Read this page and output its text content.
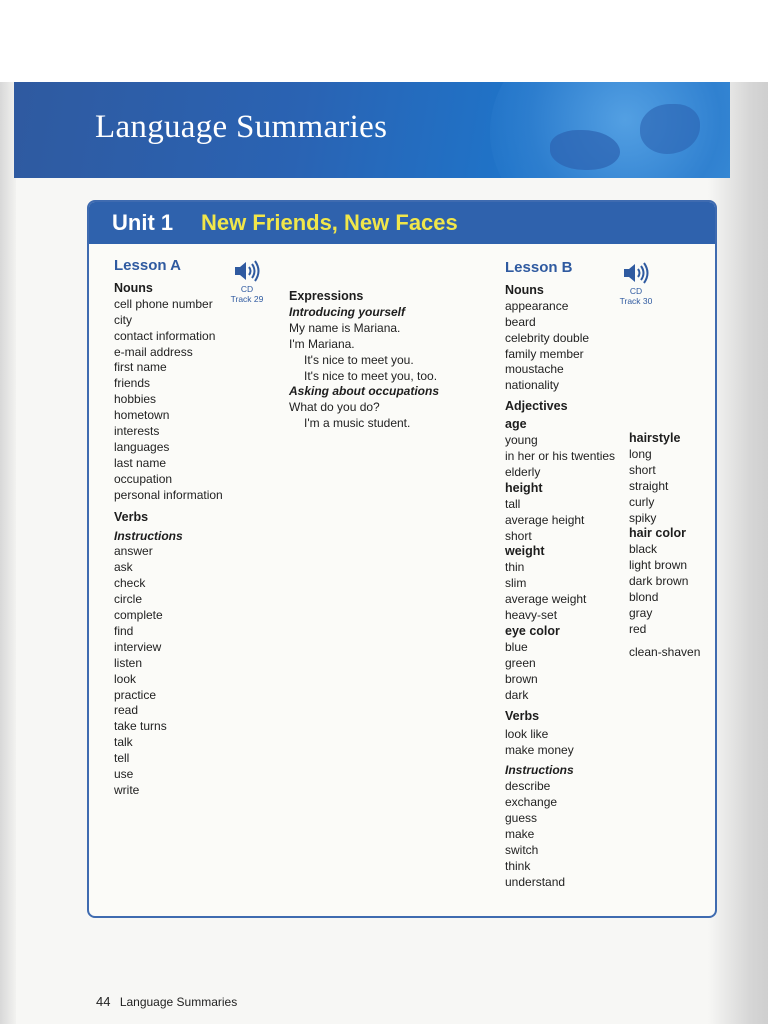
Language Summaries
Unit 1 New Friends, New Faces
Lesson A
Nouns
cell phone number
city
contact information
e-mail address
first name
friends
hobbies
hometown
interests
languages
last name
occupation
personal information
Verbs
Instructions
answer
ask
check
circle
complete
find
interview
listen
look
practice
read
take turns
talk
tell
use
write
CD
Track 29	Expressions
Introducing yourself
My name is Mariana.
I'm Mariana.
It's nice to meet you.
It's nice to meet you, too.
Asking about occupations
What do you do?
I'm a music student.
Lesson B
Nouns
appearance
beard
celebrity double
family member
moustache
nationality
Adjectives
age
young
in her or his twenties
elderly
height
tall
average height
short
weight
thin
slim
average weight
heavy-set
eye color
blue
green
brown
dark
Verbs
look like
make money
Instructions
describe
exchange
guess
make
switch
think
understand
CD
Track 30
hairstyle
long
short
straight
curly
spiky
hair color
black
light brown
dark brown
blond
gray
red
clean-shaven
44 Language Summaries
